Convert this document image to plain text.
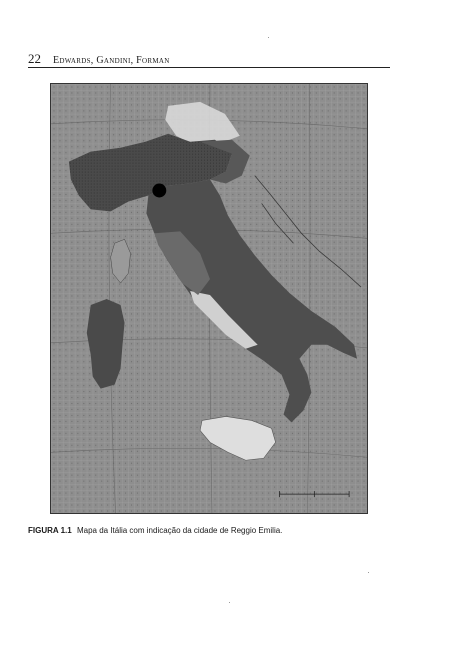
22 Edwards, Gandini, Forman
FIGURA 1.1 Mapa da Itália com indicação da cidade de Reggio Emilia.
